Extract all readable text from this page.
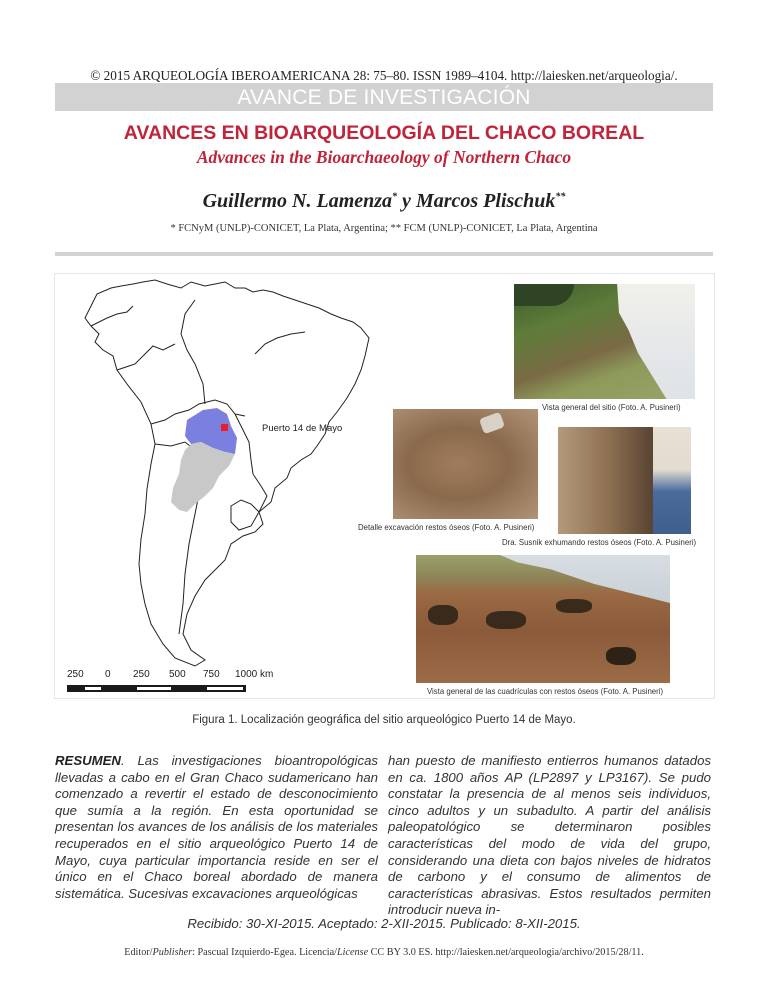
© 2015 ARQUEOLOGÍA IBEROAMERICANA 28: 75–80. ISSN 1989–4104. http://laiesken.net/arqueologia/.
AVANCE DE INVESTIGACIÓN
AVANCES EN BIOARQUEOLOGÍA DEL CHACO BOREAL
Advances in the Bioarchaeology of Northern Chaco
Guillermo N. Lamenza* y Marcos Plischuk**
* FCNyM (UNLP)-CONICET, La Plata, Argentina; ** FCM (UNLP)-CONICET, La Plata, Argentina
Puerto 14 de Mayo
250 0 250 500 750 1000 km
Vista general del sitio (Foto. A. Pusineri)
Detalle excavación restos óseos (Foto. A. Pusineri)
Dra. Susnik exhumando restos óseos (Foto. A. Pusineri)
Vista general de las cuadrículas con restos óseos (Foto. A. Pusineri)
Figura 1. Localización geográfica del sitio arqueológico Puerto 14 de Mayo.
RESUMEN. Las investigaciones bioantropológicas llevadas a cabo en el Gran Chaco sudamericano han comenzado a revertir el estado de desconocimiento que sumía a la región. En esta oportunidad se presentan los avances de los análisis de los materiales recuperados en el sitio arqueológico Puerto 14 de Mayo, cuya particular importancia reside en ser el único en el Chaco boreal abordado de manera sistemática. Sucesivas excavaciones arqueológicas
han puesto de manifiesto entierros humanos datados en ca. 1800 años AP (LP2897 y LP3167). Se pudo constatar la presencia de al menos seis individuos, cinco adultos y un subadulto. A partir del análisis paleopatológico se determinaron posibles características del modo de vida del grupo, considerando una dieta con bajos niveles de hidratos de carbono y el consumo de alimentos de características abrasivas. Estos resultados permiten introducir nueva in-
Recibido: 30-XI-2015. Aceptado: 2-XII-2015. Publicado: 8-XII-2015.
Editor/Publisher: Pascual Izquierdo-Egea. Licencia/License CC BY 3.0 ES. http://laiesken.net/arqueologia/archivo/2015/28/11.
